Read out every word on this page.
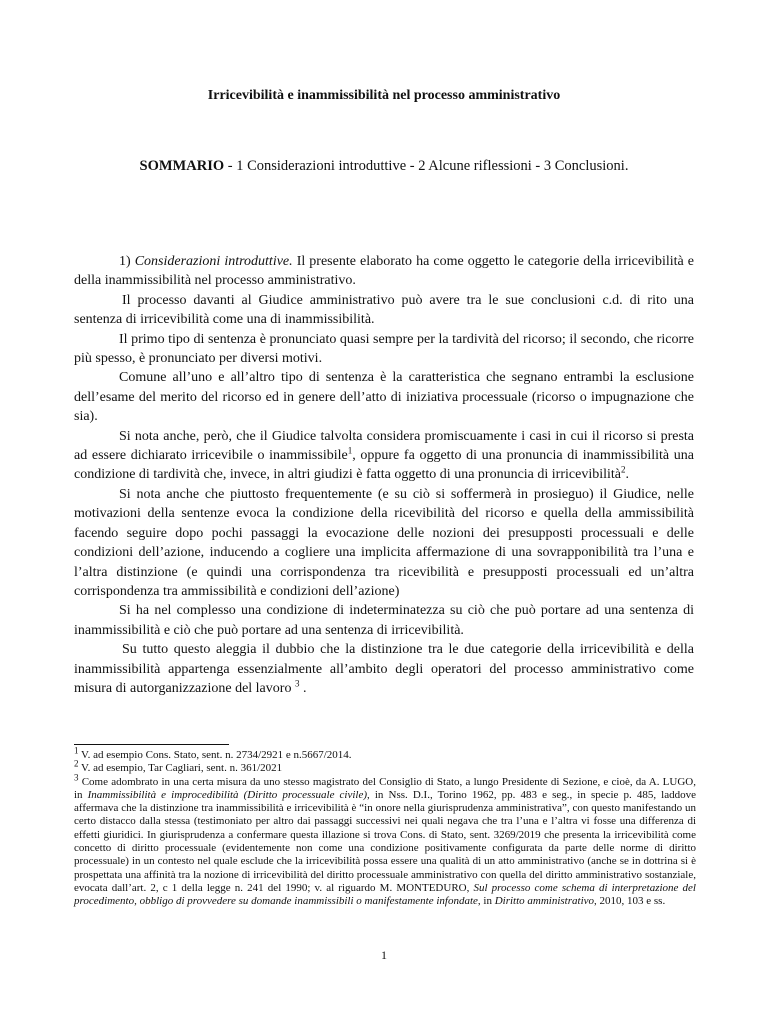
Irricevibilità e inammissibilità nel processo amministrativo
SOMMARIO - 1 Considerazioni introduttive - 2 Alcune riflessioni - 3 Conclusioni.

1) Considerazioni introduttive. Il presente elaborato ha come oggetto le categorie della irricevibilità e della inammissibilità nel processo amministrativo.

Il processo davanti al Giudice amministrativo può avere tra le sue conclusioni c.d. di rito una sentenza di irricevibilità come una di inammissibilità.

Il primo tipo di sentenza è pronunciato quasi sempre per la tardività del ricorso; il secondo, che ricorre più spesso, è pronunciato per diversi motivi.

Comune all’uno e all’altro tipo di sentenza è la caratteristica che segnano entrambi la esclusione dell’esame del merito del ricorso ed in genere dell’atto di iniziativa processuale (ricorso o impugnazione che sia).

Si nota anche, però, che il Giudice talvolta considera promiscuamente i casi in cui il ricorso si presta ad essere dichiarato irricevibile o inammissibile$^1$, oppure fa oggetto di una pronuncia di inammissibilità una condizione di tardività che, invece, in altri giudizi è fatta oggetto di una pronuncia di irricevibilità$^2$.

Si nota anche che piuttosto frequentemente (e su ciò si soffermerà in prosieguo) il Giudice, nelle motivazioni della sentenze evoca la condizione della ricevibilità del ricorso e quella della ammissibilità facendo seguire dopo pochi passaggi la evocazione delle nozioni dei presupposti processuali e delle condizioni dell’azione, inducendo a cogliere una implicita affermazione di una sovrapponibilità tra l’una e l’altra distinzione (e quindi una corrispondenza tra ricevibilità e presupposti processuali ed un’altra corrispondenza tra ammissibilità e condizioni dell’azione)

Si ha nel complesso una condizione di indeterminatezza su ciò che può portare ad una sentenza di inammissibilità e ciò che può portare ad una sentenza di irricevibilità.

Su tutto questo aleggia il dubbio che la distinzione tra le due categorie della irricevibilità e della inammissibilità appartenga essenzialmente all’ambito degli operatori del processo amministrativo come misura di autorganizzazione del lavoro $^3$ .

$^1$ V. ad esempio Cons. Stato, sent. n. 2734/2921 e n.5667/2014.

$^2$ V. ad esempio, Tar Cagliari, sent. n. 361/2021

$^3$ Come adombrato in una certa misura da uno stesso magistrato del Consiglio di Stato, a lungo Presidente di Sezione, e cioè, da A. LUGO, in Inammissibilità e improcedibilità (Diritto processuale civile), in Nss. D.I., Torino 1962, pp. 483 e seg., in specie p. 485, laddove affermava che la distinzione tra inammissibilità e irricevibilità è “in onore nella giurisprudenza amministrativa”, con questo manifestando un certo distacco dalla stessa (testimoniato per altro dai passaggi successivi nei quali negava che tra l’una e l’altra vi fosse una differenza di effetti giuridici. In giurisprudenza a confermare questa illazione si trova Cons. di Stato, sent. 3269/2019 che presenta la irricevibilità come concetto di diritto processuale (evidentemente non come una condizione positivamente configurata da parte delle norme di diritto processuale) in un contesto nel quale esclude che la irricevibilità possa essere una qualità di un atto amministrativo (anche se in dottrina si è prospettata una affinità tra la nozione di irricevibilità del diritto processuale amministrativo con quella del diritto amministrativo sostanziale, evocata dall’art. 2, c 1 della legge n. 241 del 1990; v. al riguardo M. MONTEDURO, Sul processo come schema di interpretazione del procedimento, obbligo di provvedere su domande inammissibili o manifestamente infondate, in Diritto amministrativo, 2010, 103 e ss.

1
